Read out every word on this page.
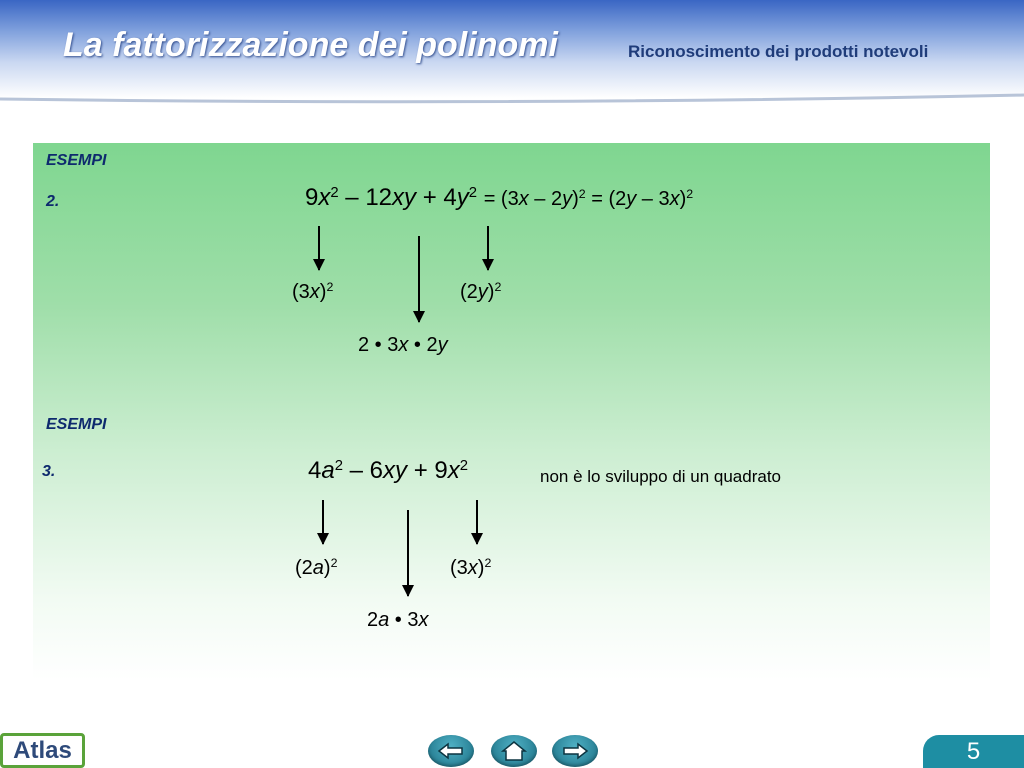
La fattorizzazione dei polinomi	Riconoscimento dei prodotti notevoli
ESEMPI
2.	$9x^2 - 12xy + 4y^2 = (3x - 2y)^2 = (2y - 3x)^2$
$(3x)^2$	$(2y)^2$
2 • 3x • 2y
ESEMPI
3.	$4a^2 - 6xy + 9x^2$
non è lo sviluppo di un quadrato
$(2a)^2$	$(3x)^2$
2a • 3x
Atlas	5
